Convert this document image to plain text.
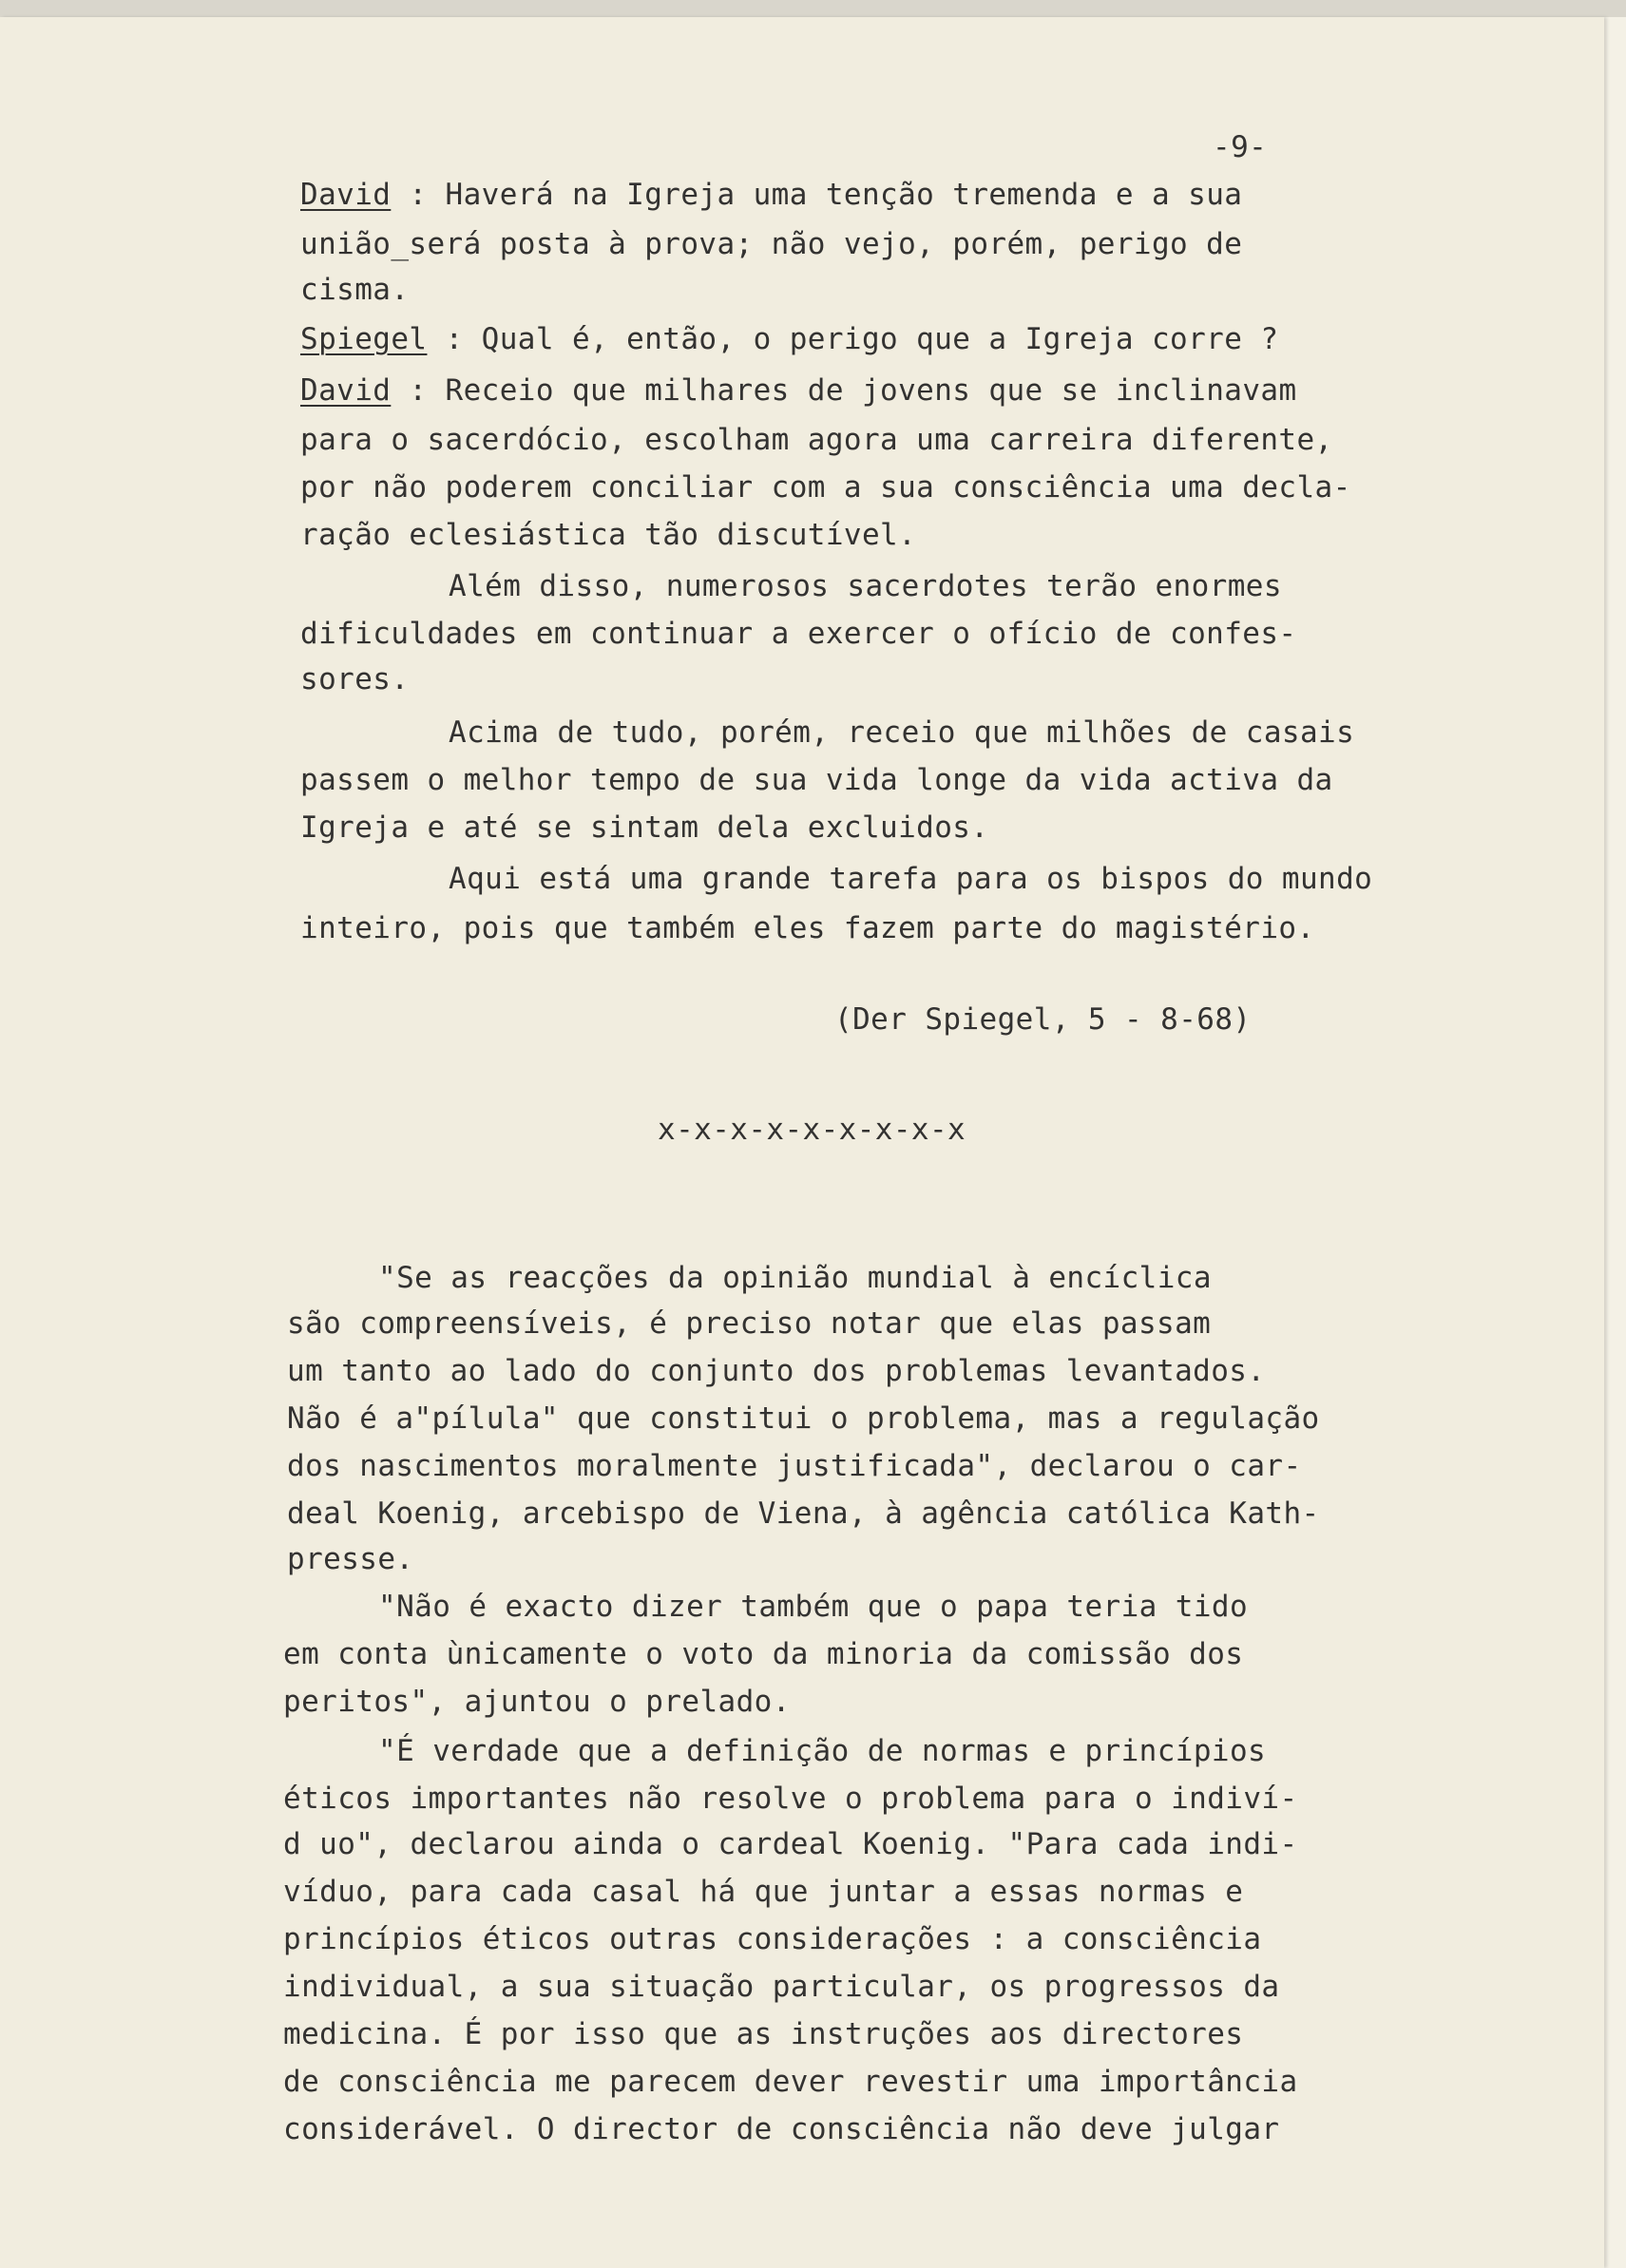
-9-
David : Haverá na Igreja uma tenção tremenda e a sua
união_será posta à prova; não vejo, porém, perigo de
cisma.
Spiegel : Qual é, então, o perigo que a Igreja corre ?
David : Receio que milhares de jovens que se inclinavam
para o sacerdócio, escolham agora uma carreira diferente,
por não poderem conciliar com a sua consciência uma decla-
ração eclesiástica tão discutível.
Além disso, numerosos sacerdotes terão enormes
dificuldades em continuar a exercer o ofício de confes-
sores.
Acima de tudo, porém, receio que milhões de casais
passem o melhor tempo de sua vida longe da vida activa da
Igreja e até se sintam dela excluidos.
Aqui está uma grande tarefa para os bispos do mundo
inteiro, pois que também eles fazem parte do magistério.
(Der Spiegel, 5 - 8-68)
x-x-x-x-x-x-x-x-x
"Se as reacções da opinião mundial à encíclica
são compreensíveis, é preciso notar que elas passam
um tanto ao lado do conjunto dos problemas levantados.
Não é a"pílula" que constitui o problema, mas a regulação
dos nascimentos moralmente justificada", declarou o car-
deal Koenig, arcebispo de Viena, à agência católica Kath-
presse.
"Não é exacto dizer também que o papa teria tido
em conta ùnicamente o voto da minoria da comissão dos
peritos", ajuntou o prelado.
"É verdade que a definição de normas e princípios
éticos importantes não resolve o problema para o indiví-
d uo", declarou ainda o cardeal Koenig. "Para cada indi-
víduo, para cada casal há que juntar a essas normas e
princípios éticos outras considerações : a consciência
individual, a sua situação particular, os progressos da
medicina. É por isso que as instruções aos directores
de consciência me parecem dever revestir uma importância
considerável. O director de consciência não deve julgar
